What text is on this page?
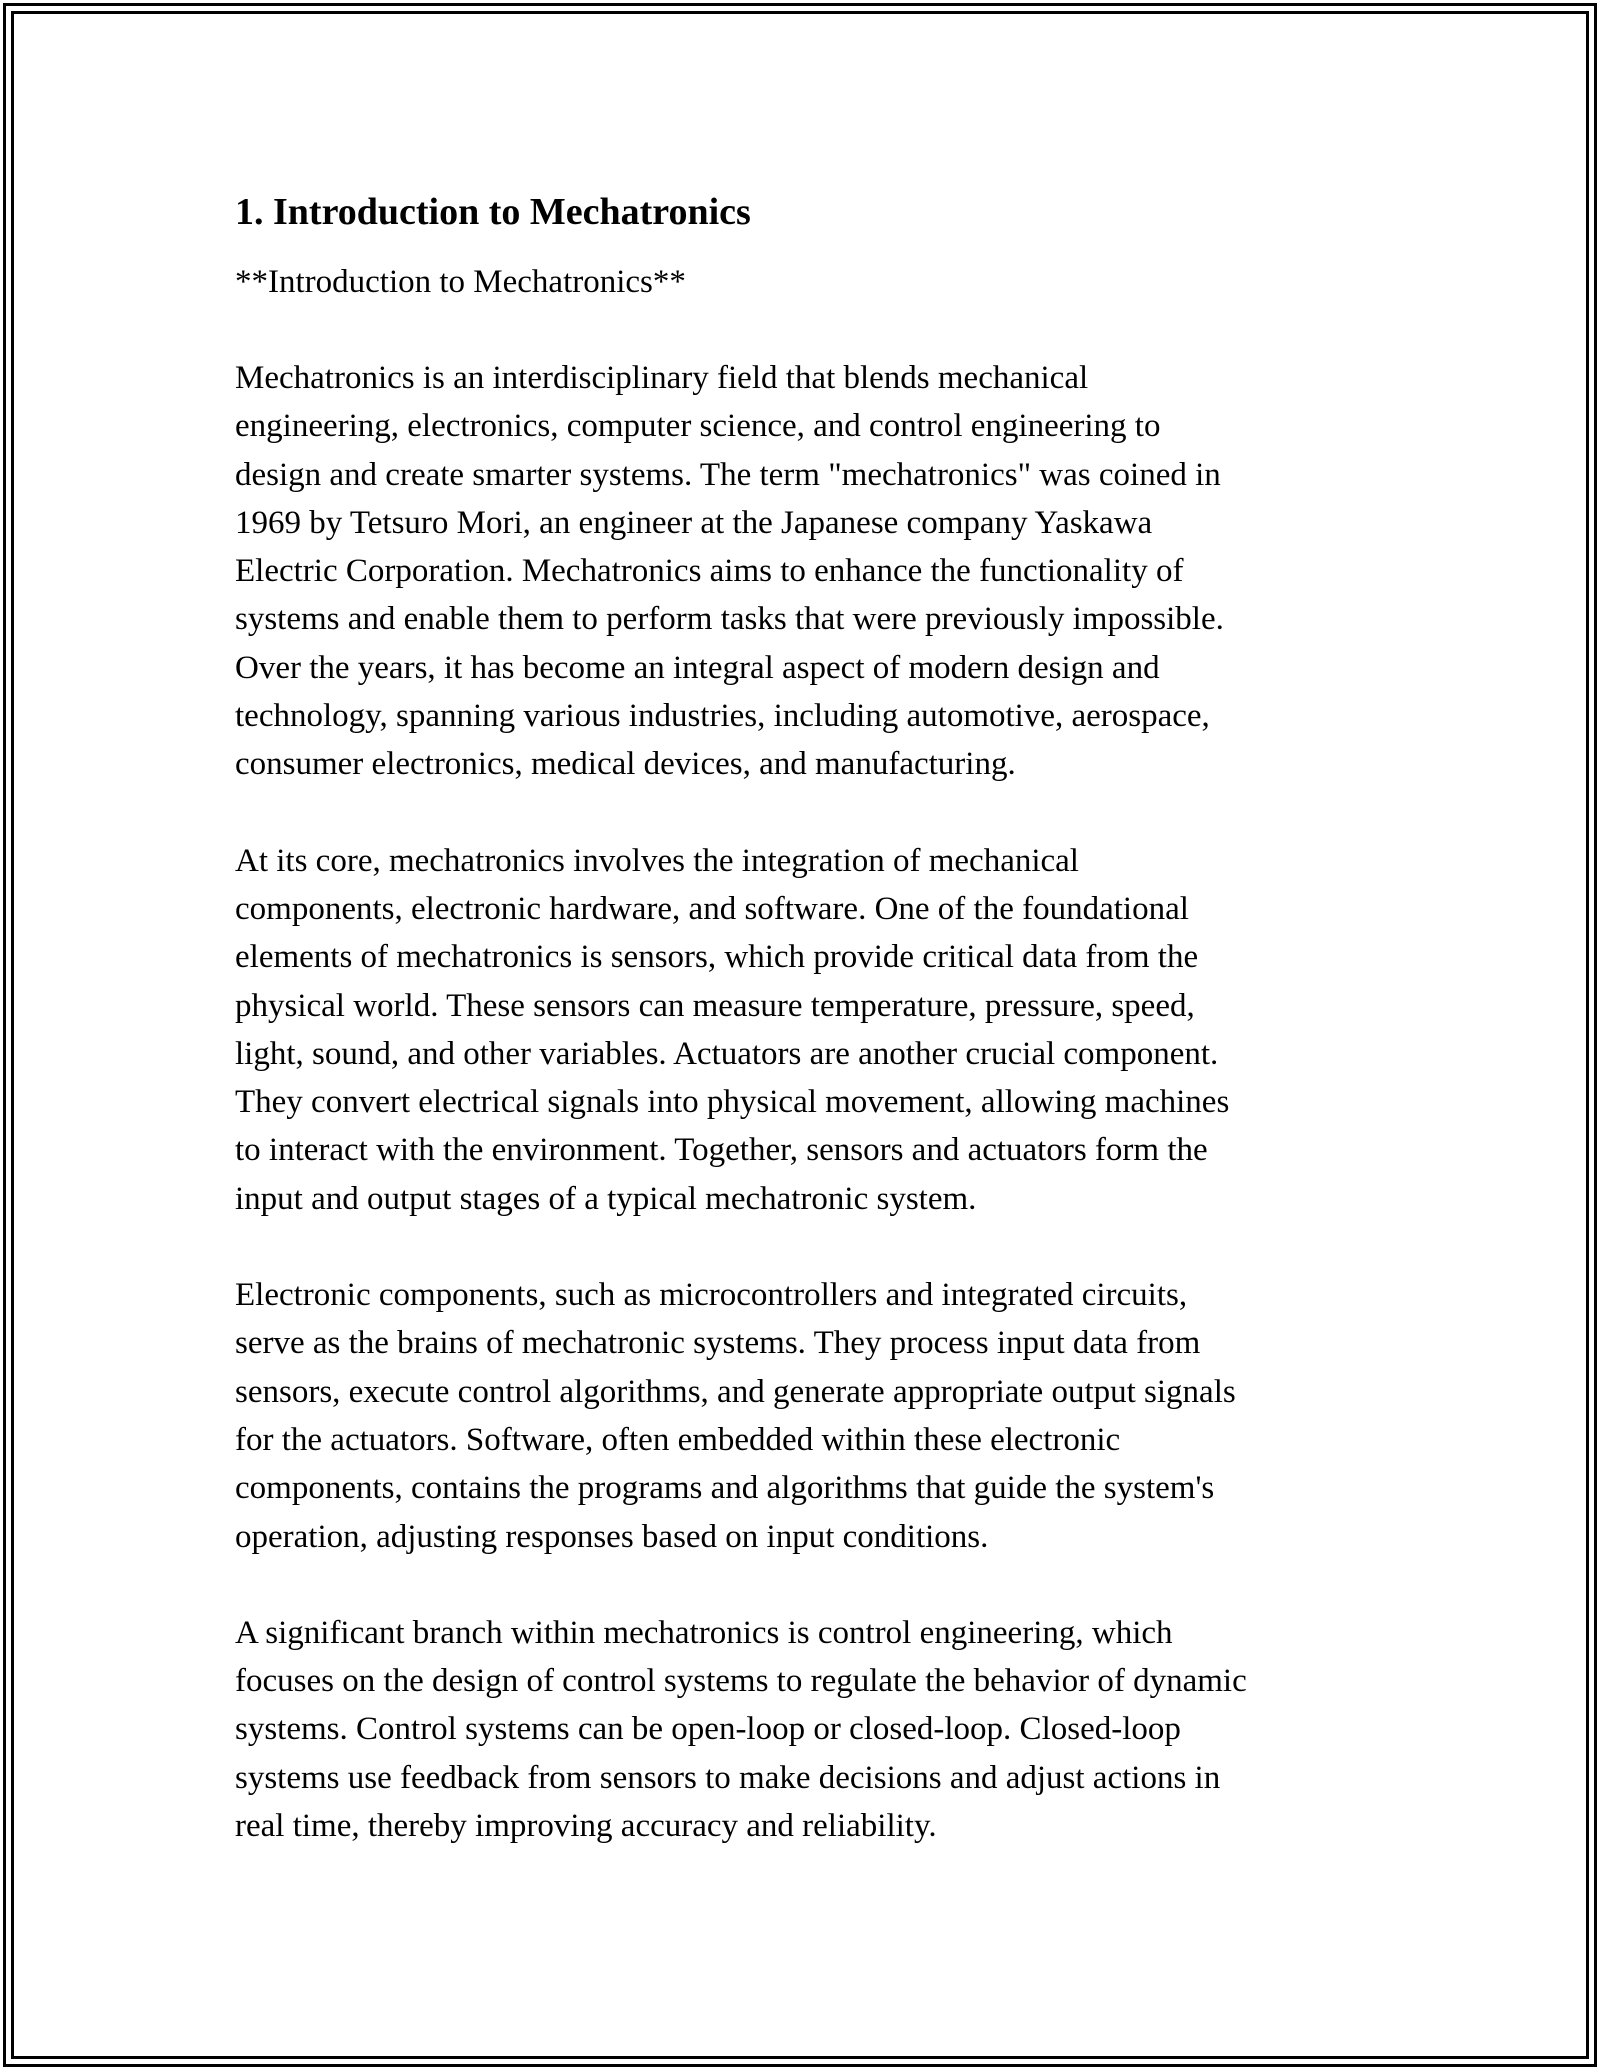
1. Introduction to Mechatronics
**Introduction to Mechatronics**
Mechatronics is an interdisciplinary field that blends mechanical
engineering, electronics, computer science, and control engineering to
design and create smarter systems. The term "mechatronics" was coined in
1969 by Tetsuro Mori, an engineer at the Japanese company Yaskawa
Electric Corporation. Mechatronics aims to enhance the functionality of
systems and enable them to perform tasks that were previously impossible.
Over the years, it has become an integral aspect of modern design and
technology, spanning various industries, including automotive, aerospace,
consumer electronics, medical devices, and manufacturing.
At its core, mechatronics involves the integration of mechanical
components, electronic hardware, and software. One of the foundational
elements of mechatronics is sensors, which provide critical data from the
physical world. These sensors can measure temperature, pressure, speed,
light, sound, and other variables. Actuators are another crucial component.
They convert electrical signals into physical movement, allowing machines
to interact with the environment. Together, sensors and actuators form the
input and output stages of a typical mechatronic system.
Electronic components, such as microcontrollers and integrated circuits,
serve as the brains of mechatronic systems. They process input data from
sensors, execute control algorithms, and generate appropriate output signals
for the actuators. Software, often embedded within these electronic
components, contains the programs and algorithms that guide the system's
operation, adjusting responses based on input conditions.
A significant branch within mechatronics is control engineering, which
focuses on the design of control systems to regulate the behavior of dynamic
systems. Control systems can be open-loop or closed-loop. Closed-loop
systems use feedback from sensors to make decisions and adjust actions in
real time, thereby improving accuracy and reliability.
